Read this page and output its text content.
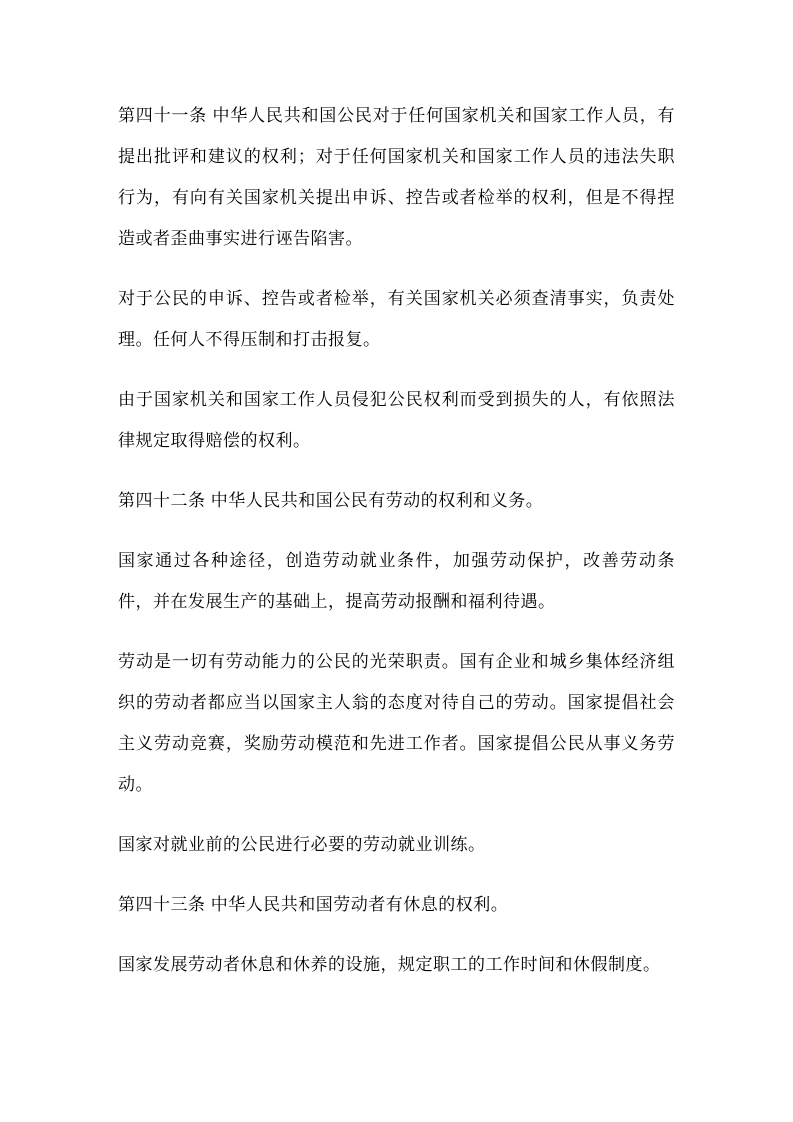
第四十一条 中华人民共和国公民对于任何国家机关和国家工作人员，有提出批评和建议的权利；对于任何国家机关和国家工作人员的违法失职行为，有向有关国家机关提出申诉、控告或者检举的权利，但是不得捏造或者歪曲事实进行诬告陷害。

对于公民的申诉、控告或者检举，有关国家机关必须查清事实，负责处理。任何人不得压制和打击报复。

由于国家机关和国家工作人员侵犯公民权利而受到损失的人，有依照法律规定取得赔偿的权利。

第四十二条 中华人民共和国公民有劳动的权利和义务。

国家通过各种途径，创造劳动就业条件，加强劳动保护，改善劳动条件，并在发展生产的基础上，提高劳动报酬和福利待遇。

劳动是一切有劳动能力的公民的光荣职责。国有企业和城乡集体经济组织的劳动者都应当以国家主人翁的态度对待自己的劳动。国家提倡社会主义劳动竞赛，奖励劳动模范和先进工作者。国家提倡公民从事义务劳动。

国家对就业前的公民进行必要的劳动就业训练。

第四十三条 中华人民共和国劳动者有休息的权利。

国家发展劳动者休息和休养的设施，规定职工的工作时间和休假制度。
